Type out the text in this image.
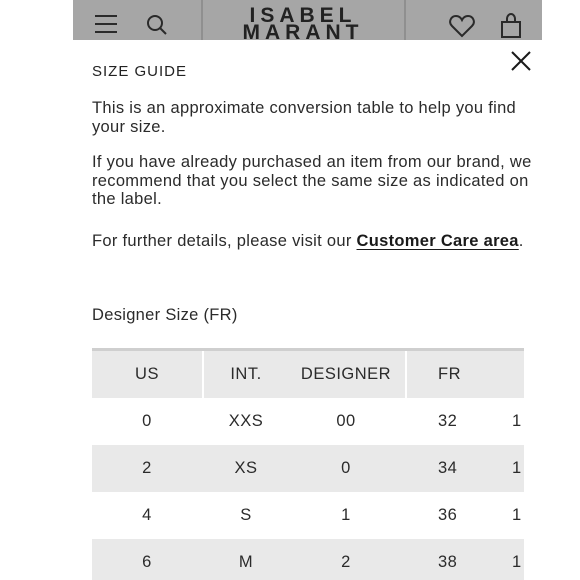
ISABEL
MARANT
SIZE GUIDE

This is an approximate conversion table to help you find your size.

If you have already purchased an item from our brand, we recommend that you select the same size as indicated on the label.

For further details, please visit our Customer Care area.

Designer Size (FR)
US	INT.	DESIGNER	FR
0	XXS	00	32	1
2	XS	0	34	1
4	S	1	36	1
6	M	2	38	1
